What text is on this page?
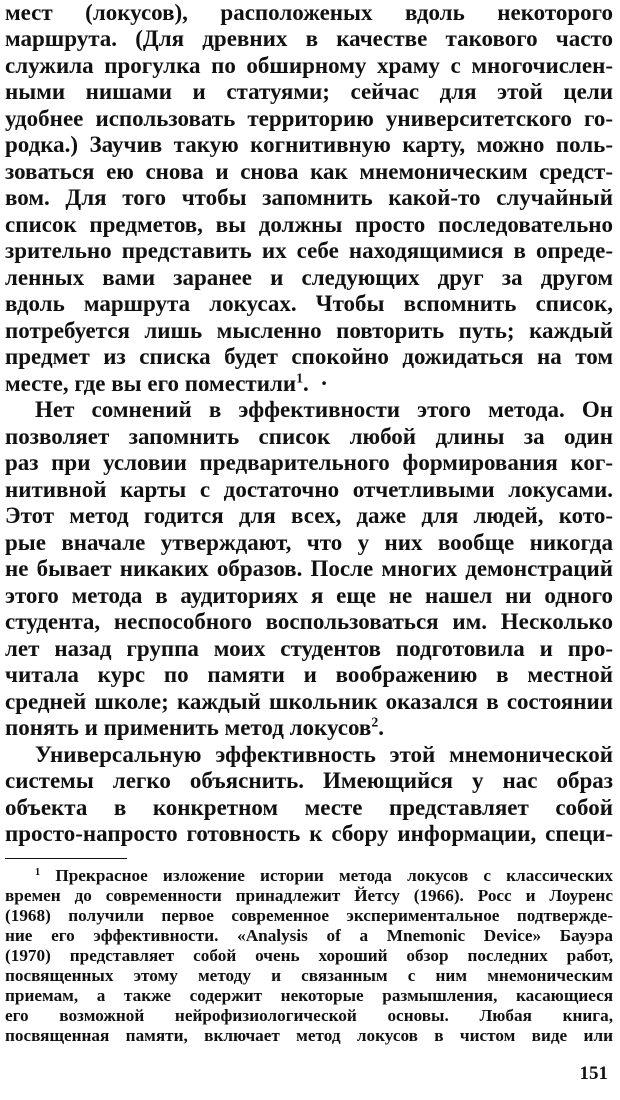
мест (локусов), расположеных вдоль некоторого

маршрута. (Для древних в качестве такового часто

служила прогулка по обширному храму с многочислен-

ными нишами и статуями; сейчас для этой цели

удобнее использовать территорию университетского го-

родка.) Заучив такую когнитивную карту, можно поль-

зоваться ею снова и снова как мнемоническим средст-

вом. Для того чтобы запомнить какой-то случайный

список предметов, вы должны просто последовательно

зрительно представить их себе находящимися в опреде-

ленных вами заранее и следующих друг за другом

вдоль маршрута локусах. Чтобы вспомнить список,

потребуется лишь мысленно повторить путь; каждый

предмет из списка будет спокойно дожидаться на том

месте, где вы его поместили$^1$.  ·

Нет сомнений в эффективности этого метода. Он

позволяет запомнить список любой длины за один

раз при условии предварительного формирования ког-

нитивной карты с достаточно отчетливыми локусами.

Этот метод годится для всех, даже для людей, кото-

рые вначале утверждают, что у них вообще никогда

не бывает никаких образов. После многих демонстраций

этого метода в аудиториях я еще не нашел ни одного

студента, неспособного воспользоваться им. Несколько

лет назад группа моих студентов подготовила и про-

читала курс по памяти и воображению в местной

средней школе; каждый школьник оказался в состоянии

понять и применить метод локусов$^2$.

Универсальную эффективность этой мнемонической

системы легко объяснить. Имеющийся у нас образ

объекта в конкретном месте представляет собой

просто-напросто готовность к сбору информации, специ-

$^1$ Прекрасное изложение истории метода локусов с классических

времен до современности принадлежит Йетсу (1966). Росс и Лоуренс

(1968) получили первое современное экспериментальное подтвержде-

ние его эффективности. «Analysis of a Mnemonic Device» Бауэра

(1970) представляет собой очень хороший обзор последних работ,

посвященных этому методу и связанным с ним мнемоническим

приемам, а также содержит некоторые размышления, касающиеся

его возможной нейрофизиологической основы. Любая книга,

посвященная памяти, включает метод локусов в чистом виде или

151
